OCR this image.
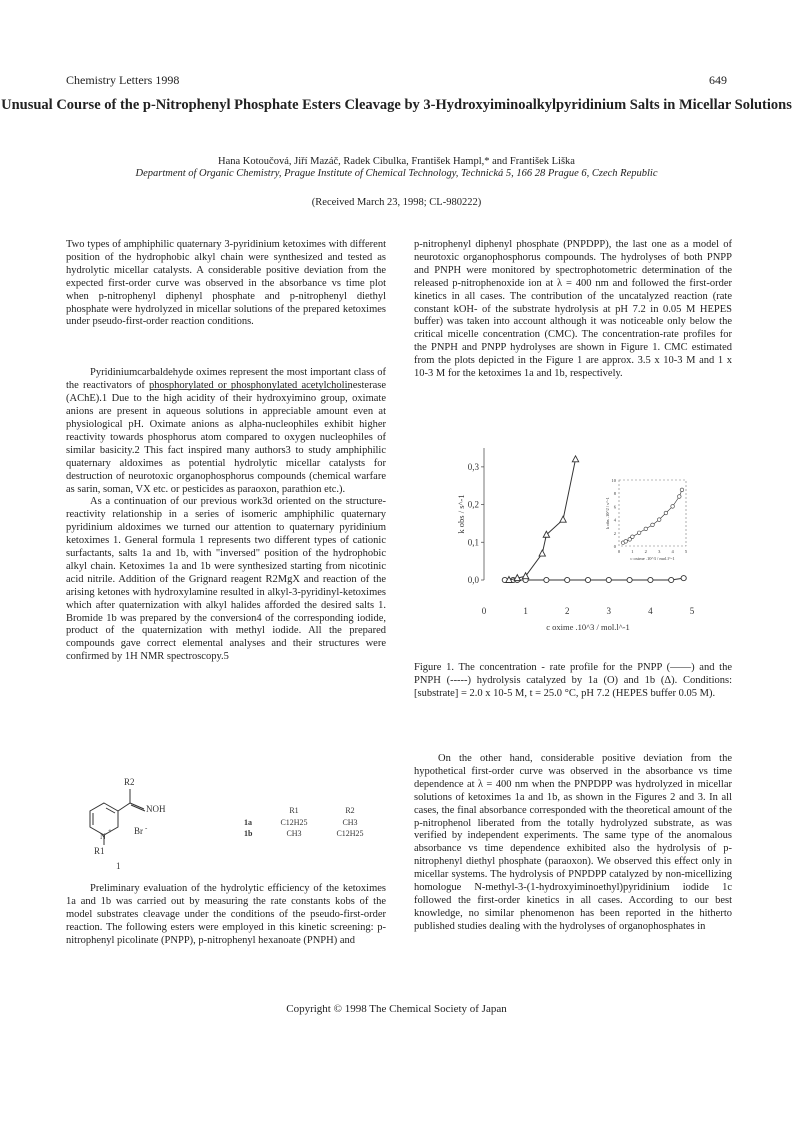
Chemistry Letters 1998	649
Unusual Course of the p-Nitrophenyl Phosphate Esters Cleavage by 3-Hydroxyiminoalkylpyridinium Salts in Micellar Solutions
Hana Kotoučová, Jiří Mazáč, Radek Cibulka, František Hampl,* and František Liška
Department of Organic Chemistry, Prague Institute of Chemical Technology, Technická 5, 166 28 Prague 6, Czech Republic
(Received March 23, 1998; CL-980222)

Two types of amphiphilic quaternary 3-pyridinium ketoximes with different position of the hydrophobic alkyl chain were synthesized and tested as hydrolytic micellar catalysts. A considerable positive deviation from the expected first-order curve was observed in the absorbance vs time plot when p-nitrophenyl diphenyl phosphate and p-nitrophenyl diethyl phosphate were hydrolyzed in micellar solutions of the prepared ketoximes under pseudo-first-order reaction conditions.

Pyridiniumcarbaldehyde oximes represent the most important class of the reactivators of phosphorylated or phosphonylated acetylcholinesterase (AChE).1 Due to the high acidity of their hydroxyimino group, oximate anions are present in aqueous solutions in appreciable amount even at physiological pH. Oximate anions as alpha-nucleophiles exhibit higher reactivity towards phosphorus atom compared to oxygen nucleophiles of similar basicity.2 This fact inspired many authors3 to study amphiphilic quaternary aldoximes as potential hydrolytic micellar catalysts for destruction of neurotoxic organophosphorus compounds (chemical warfare as sarin, soman, VX etc. or pesticides as paraoxon, parathion etc.).

As a continuation of our previous work3d oriented on the structure-reactivity relationship in a series of isomeric amphiphilic quaternary pyridinium aldoximes we turned our attention to quaternary pyridinium ketoximes 1. General formula 1 represents two different types of cationic surfactants, salts 1a and 1b, with "inversed" position of the hydrophobic alkyl chain. Ketoximes 1a and 1b were synthesized starting from nicotinic acid nitrile. Addition of the Grignard reagent R2MgX and reaction of the arising ketones with hydroxylamine resulted in alkyl-3-pyridinyl-ketoximes which after quaternization with alkyl halides afforded the desired salts 1. Bromide 1b was prepared by the conversion4 of the corresponding iodide, product of the quaternization with methyl iodide. All the prepared compounds gave correct elemental analyses and their structures were confirmed by 1H NMR spectroscopy.5

R2
NOH
N
+
R1
Br -
1
R1	R2
1a	C12H25	CH3
1b	CH3	C12H25

Preliminary evaluation of the hydrolytic efficiency of the ketoximes 1a and 1b was carried out by measuring the rate constants kobs of the model substrates cleavage under the conditions of the pseudo-first-order reaction. The following esters were employed in this kinetic screening: p-nitrophenyl picolinate (PNPP), p-nitrophenyl hexanoate (PNPH) and

p-nitrophenyl diphenyl phosphate (PNPDPP), the last one as a model of neurotoxic organophosphorus compounds. The hydrolyses of both PNPP and PNPH were monitored by spectrophotometric determination of the released p-nitrophenoxide ion at λ = 400 nm and followed the first-order kinetics in all cases. The contribution of the uncatalyzed reaction (rate constant kOH- of the substrate hydrolysis at pH 7.2 in 0.05 M HEPES buffer) was taken into account although it was noticeable only below the critical micelle concentration (CMC). The concentration-rate profiles for the PNPH and PNPP hydrolyses are shown in Figure 1. CMC estimated from the plots depicted in the Figure 1 are approx. 3.5 x 10-3 M and 1 x 10-3 M for the ketoximes 1a and 1b, respectively.

0,0
0,1
0,2
0,3
0	1	2	3	4	5
c oxime .10^3 / mol.l^-1
k obs / s^-1
0
2
4
6
8
10
0 1 2 3 4 5
c oxime .10^3 / mol.l^-1
k obs .10^2 / s^-1
Figure 1. The concentration - rate profile for the PNPP (——) and the PNPH (-----) hydrolysis catalyzed by 1a (O) and 1b (Δ). Conditions: [substrate] = 2.0 x 10-5 M, t = 25.0 °C, pH 7.2 (HEPES buffer 0.05 M).

On the other hand, considerable positive deviation from the hypothetical first-order curve was observed in the absorbance vs time dependence at λ = 400 nm when the PNPDPP was hydrolyzed in micellar solutions of ketoximes 1a and 1b, as shown in the Figures 2 and 3. In all cases, the final absorbance corresponded with the theoretical amount of the p-nitrophenol liberated from the totally hydrolyzed substrate, as was verified by independent experiments. The same type of the anomalous absorbance vs time dependence exhibited also the hydrolysis of p-nitrophenyl diethyl phosphate (paraoxon). We observed this effect only in micellar systems. The hydrolysis of PNPDPP catalyzed by non-micellizing homologue N-methyl-3-(1-hydroxyiminoethyl)pyridinium iodide 1c followed the first-order kinetics in all cases. According to our best knowledge, no similar phenomenon has been reported in the hitherto published studies dealing with the hydrolyses of organophosphates in

Copyright © 1998 The Chemical Society of Japan
